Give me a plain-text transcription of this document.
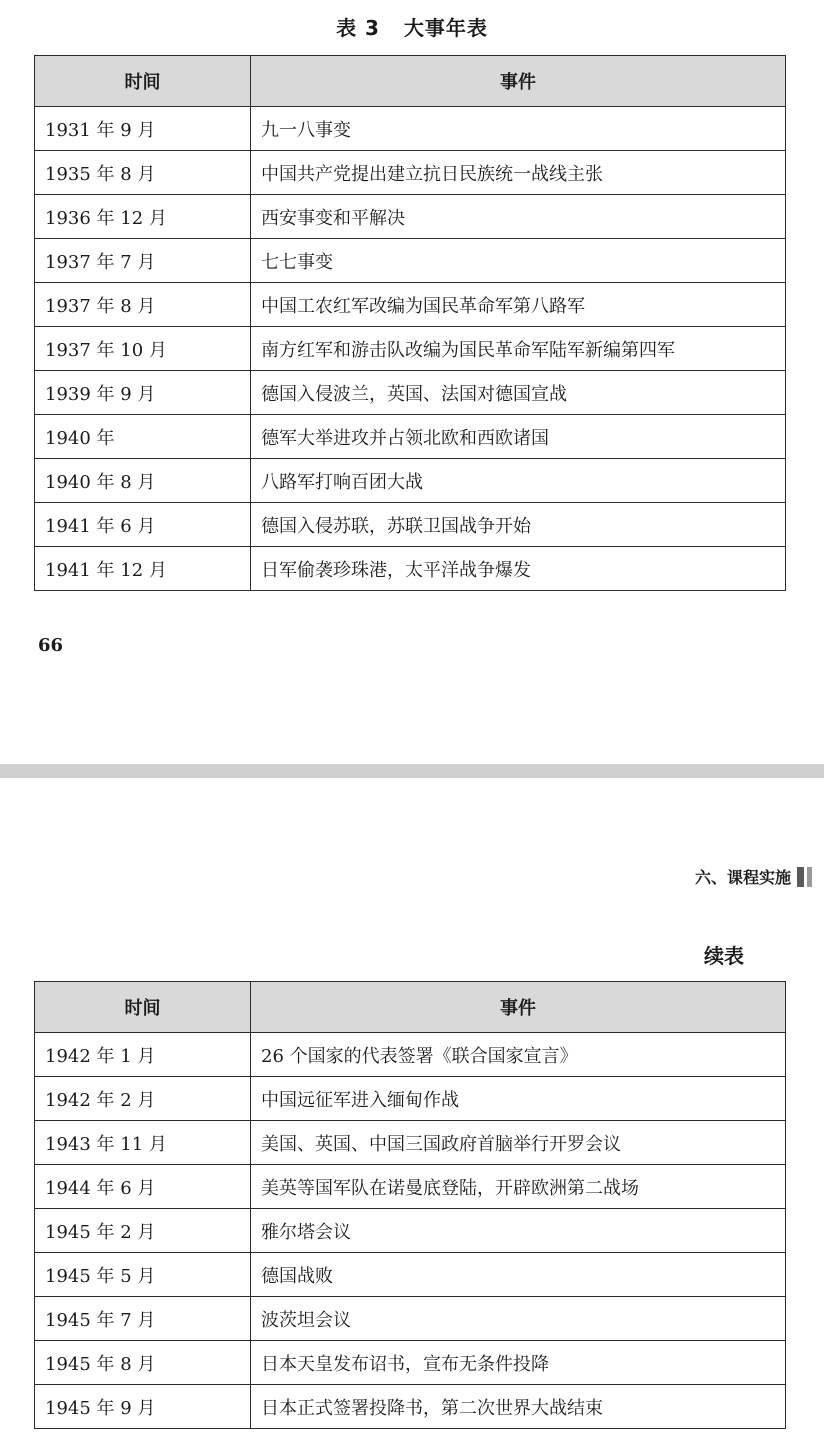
表 3 大事年表
时间	事件
1931 年 9 月	九一八事变
1935 年 8 月	中国共产党提出建立抗日民族统一战线主张
1936 年 12 月	西安事变和平解决
1937 年 7 月	七七事变
1937 年 8 月	中国工农红军改编为国民革命军第八路军
1937 年 10 月	南方红军和游击队改编为国民革命军陆军新编第四军
1939 年 9 月	德国入侵波兰，英国、法国对德国宣战
1940 年	德军大举进攻并占领北欧和西欧诸国
1940 年 8 月	八路军打响百团大战
1941 年 6 月	德国入侵苏联，苏联卫国战争开始
1941 年 12 月	日军偷袭珍珠港，太平洋战争爆发
66
六、课程实施
续表
时间	事件
1942 年 1 月	26 个国家的代表签署《联合国家宣言》
1942 年 2 月	中国远征军进入缅甸作战
1943 年 11 月	美国、英国、中国三国政府首脑举行开罗会议
1944 年 6 月	美英等国军队在诺曼底登陆，开辟欧洲第二战场
1945 年 2 月	雅尔塔会议
1945 年 5 月	德国战败
1945 年 7 月	波茨坦会议
1945 年 8 月	日本天皇发布诏书，宣布无条件投降
1945 年 9 月	日本正式签署投降书，第二次世界大战结束
